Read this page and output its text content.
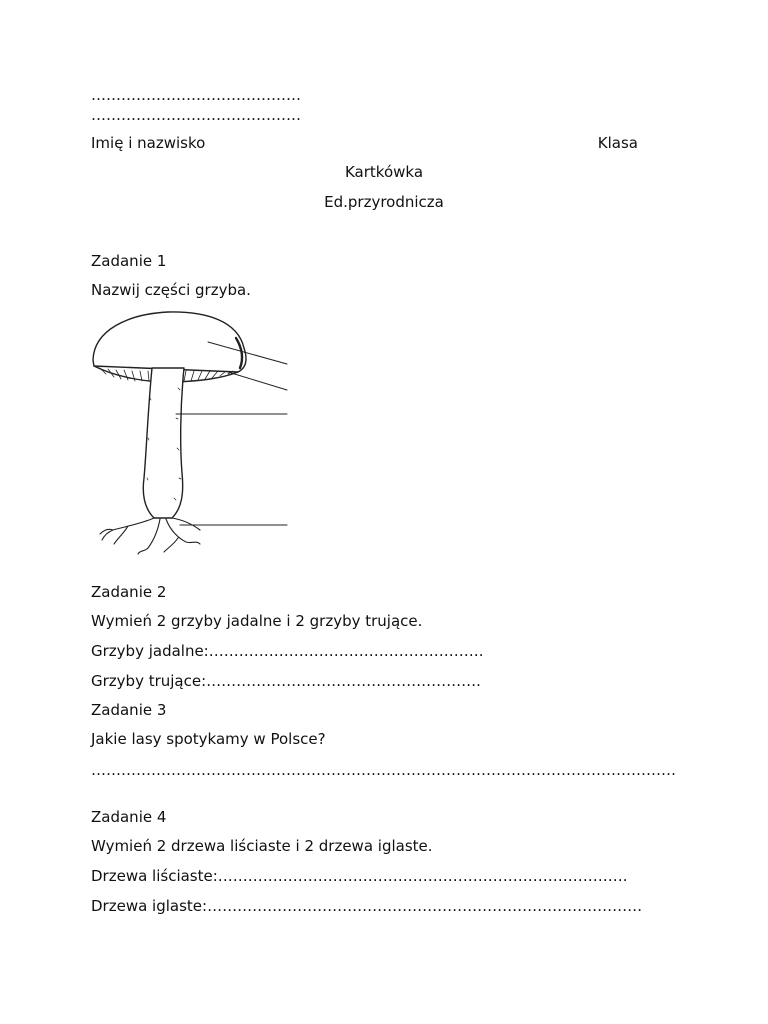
……………………………………
……………………………………
Imię i nazwisko	Klasa
Kartkówka
Ed.przyrodnicza
Zadanie 1
Nazwij części grzyba.
Zadanie 2
Wymień 2 grzyby jadalne i 2 grzyby trujące.
Grzyby jadalne:……………………………………………….
Grzyby trujące:……………………………………………….
Zadanie 3
Jakie lasy spotykamy w Polsce?
………………………………………………………………………………………………………
Zadanie 4
Wymień 2 drzewa liściaste i 2 drzewa iglaste.
Drzewa liściaste:……………………………………………………………………….
Drzewa iglaste:……………………………………………………………………………
